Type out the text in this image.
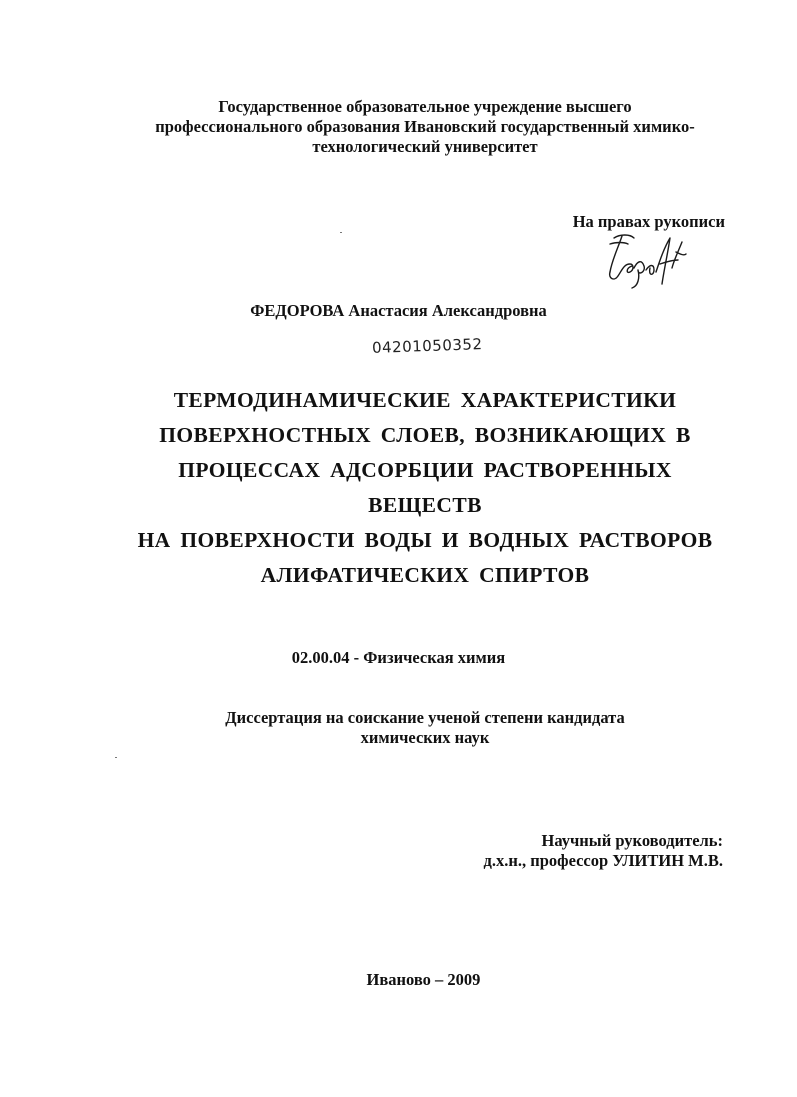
Государственное образовательное учреждение высшего
профессионального образования Ивановский государственный химико-
технологический университет
На правах рукописи
ФЕДОРОВА Анастасия Александровна
04201050352
ТЕРМОДИНАМИЧЕСКИЕ ХАРАКТЕРИСТИКИ
ПОВЕРХНОСТНЫХ СЛОЕВ, ВОЗНИКАЮЩИХ В
ПРОЦЕССАХ АДСОРБЦИИ РАСТВОРЕННЫХ ВЕЩЕСТВ
НА ПОВЕРХНОСТИ ВОДЫ И ВОДНЫХ РАСТВОРОВ
АЛИФАТИЧЕСКИХ СПИРТОВ
02.00.04 - Физическая химия
Диссертация на соискание ученой степени кандидата
химических наук
Научный руководитель:
д.х.н., профессор УЛИТИН М.В.
Иваново – 2009
